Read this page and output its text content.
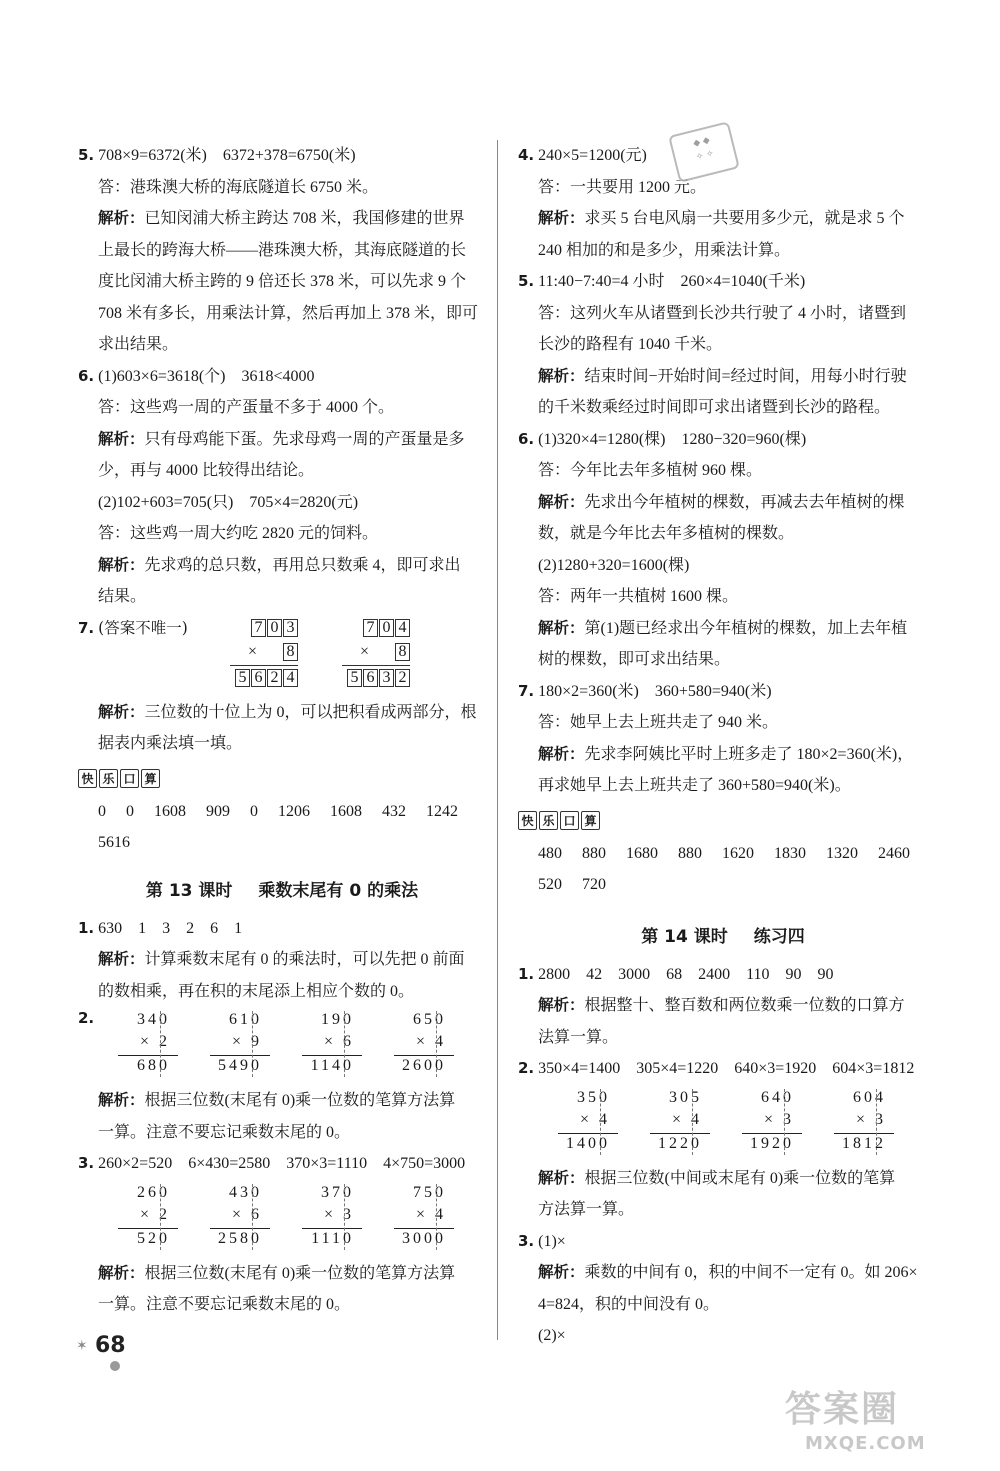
5. 708×9=6372(米)　6372+378=6750(米)
答：港珠澳大桥的海底隧道长 6750 米。
解析：已知闵浦大桥主跨达 708 米，我国修建的世界
上最长的跨海大桥——港珠澳大桥，其海底隧道的长
度比闵浦大桥主跨的 9 倍还长 378 米，可以先求 9 个
708 米有多长，用乘法计算，然后再加上 378 米，即可
求出结果。
6. (1)603×6=3618(个)　3618<4000
答：这些鸡一周的产蛋量不多于 4000 个。
解析：只有母鸡能下蛋。先求母鸡一周的产蛋量是多
少，再与 4000 比较得出结论。
(2)102+603=705(只)　705×4=2820(元)
答：这些鸡一周大约吃 2820 元的饲料。
解析：先求鸡的总只数，再用总只数乘 4，即可求出
结果。
7. (答案不唯一)	7 0 3
× 8
5 6 2 4
7 0 4
× 8
5 6 3 2
解析：三位数的十位上为 0，可以把积看成两部分，根
据表内乘法填一填。
快 乐 口 算
0 0 1608 909 0 1206 1608 432 1242
5616
第 13 课时 乘数末尾有 0 的乘法
1. 630　1　3　2　6　1
解析：计算乘数末尾有 0 的乘法时，可以先把 0 前面
的数相乘，再在积的末尾添上相应个数的 0。
2.	340
× 2
680
610
× 9
5490
190
× 6
1140
650
× 4
2600
解析：根据三位数(末尾有 0)乘一位数的笔算方法算
一算。注意不要忘记乘数末尾的 0。
3. 260×2=520　6×430=2580　370×3=1110　4×750=3000
260
× 2
520
430
× 6
2580
370
× 3
1110
750
× 4
3000
解析：根据三位数(末尾有 0)乘一位数的笔算方法算
一算。注意不要忘记乘数末尾的 0。
4. 240×5=1200(元)
答：一共要用 1200 元。
解析：求买 5 台电风扇一共要用多少元，就是求 5 个
240 相加的和是多少，用乘法计算。
5. 11:40−7:40=4 小时　260×4=1040(千米)
答：这列火车从诸暨到长沙共行驶了 4 小时，诸暨到
长沙的路程有 1040 千米。
解析：结束时间−开始时间=经过时间，用每小时行驶
的千米数乘经过时间即可求出诸暨到长沙的路程。
6. (1)320×4=1280(棵)　1280−320=960(棵)
答：今年比去年多植树 960 棵。
解析：先求出今年植树的棵数，再减去去年植树的棵
数，就是今年比去年多植树的棵数。
(2)1280+320=1600(棵)
答：两年一共植树 1600 棵。
解析：第(1)题已经求出今年植树的棵数，加上去年植
树的棵数，即可求出结果。
7. 180×2=360(米)　360+580=940(米)
答：她早上去上班共走了 940 米。
解析：先求李阿姨比平时上班多走了 180×2=360(米)，
再求她早上去上班共走了 360+580=940(米)。
快 乐 口 算
480 880 1680 880 1620 1830 1320 2460
520 720
第 14 课时 练习四
1. 2800　42　3000　68　2400　110　90　90
解析：根据整十、整百数和两位数乘一位数的口算方
法算一算。
2. 350×4=1400　305×4=1220　640×3=1920　604×3=1812
350
× 4
1400
305
× 4
1220
640
× 3
1920
604
× 3
1812
解析：根据三位数(中间或末尾有 0)乘一位数的笔算
方法算一算。
3. (1)×
解析：乘数的中间有 0，积的中间不一定有 0。如 206×
4=824，积的中间没有 0。
(2)×
◆ ◆
✧ ✧
✶ 68
答案圈
MXQE.COM
